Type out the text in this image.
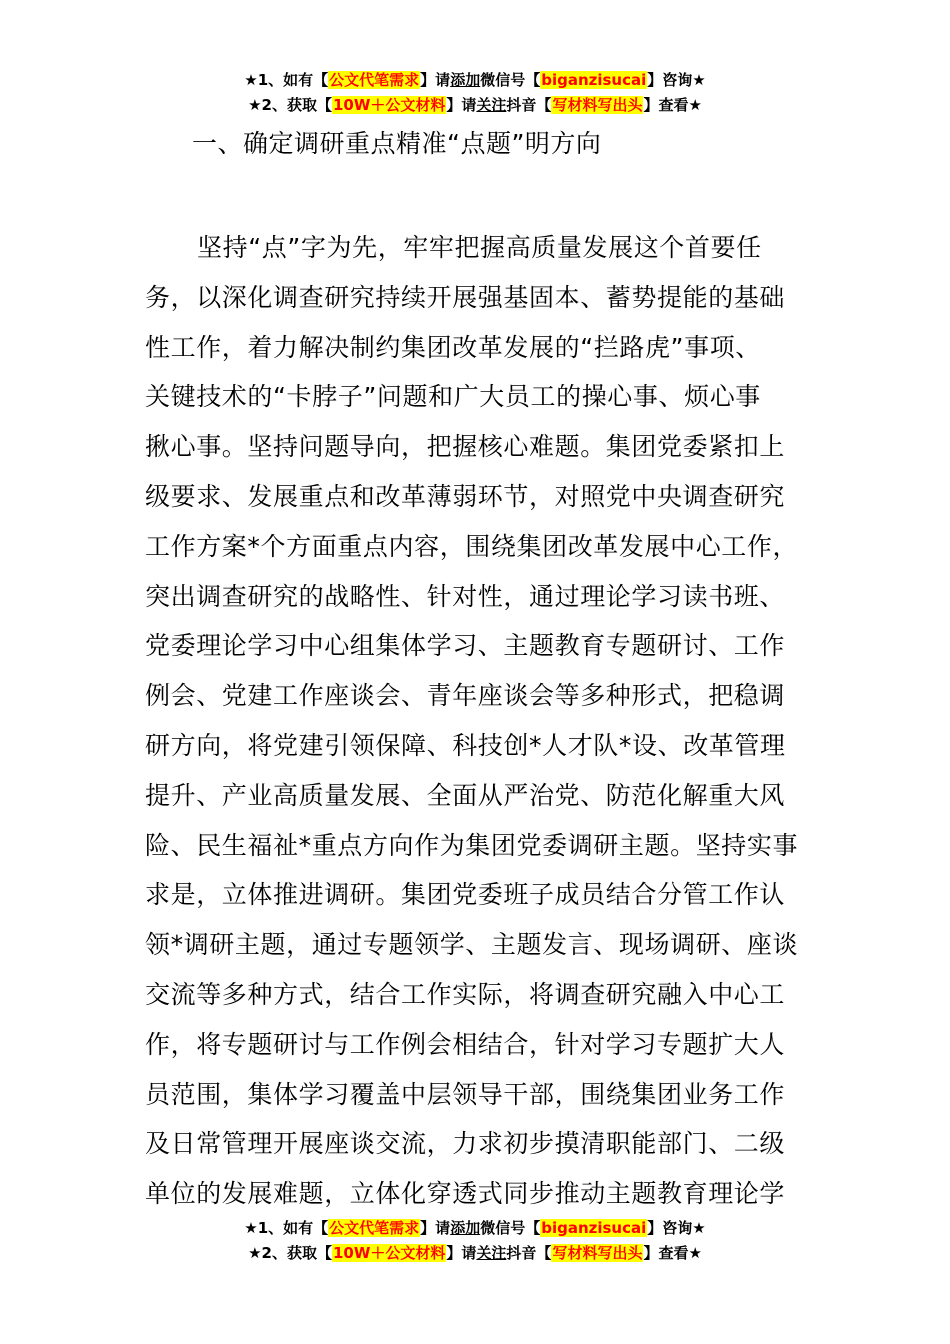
★1、如有【公文代笔需求】请添加微信号【biganzisucai】咨询★
★2、获取【10W＋公文材料】请关注抖音【写材料写出头】查看★
一、确定调研重点精准“点题”明方向
坚持“点”字为先，牢牢把握高质量发展这个首要任
务，以深化调查研究持续开展强基固本、蓄势提能的基础
性工作，着力解决制约集团改革发展的“拦路虎”事项、
关键技术的“卡脖子”问题和广大员工的操心事、烦心事
揪心事。坚持问题导向，把握核心难题。集团党委紧扣上
级要求、发展重点和改革薄弱环节，对照党中央调查研究
工作方案*个方面重点内容，围绕集团改革发展中心工作，
突出调查研究的战略性、针对性，通过理论学习读书班、
党委理论学习中心组集体学习、主题教育专题研讨、工作
例会、党建工作座谈会、青年座谈会等多种形式，把稳调
研方向，将党建引领保障、科技创*人才队*设、改革管理
提升、产业高质量发展、全面从严治党、防范化解重大风
险、民生福祉*重点方向作为集团党委调研主题。坚持实事
求是，立体推进调研。集团党委班子成员结合分管工作认
领*调研主题，通过专题领学、主题发言、现场调研、座谈
交流等多种方式，结合工作实际，将调查研究融入中心工
作，将专题研讨与工作例会相结合，针对学习专题扩大人
员范围，集体学习覆盖中层领导干部，围绕集团业务工作
及日常管理开展座谈交流，力求初步摸清职能部门、二级
单位的发展难题，立体化穿透式同步推动主题教育理论学
★1、如有【公文代笔需求】请添加微信号【biganzisucai】咨询★
★2、获取【10W＋公文材料】请关注抖音【写材料写出头】查看★
